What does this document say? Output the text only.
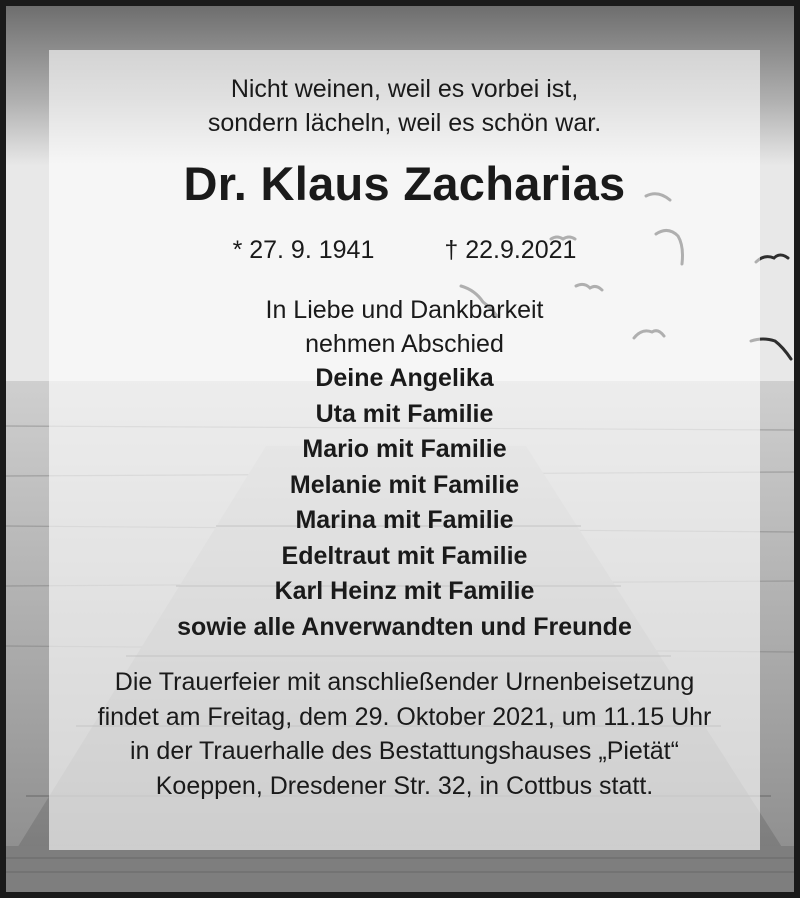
Nicht weinen, weil es vorbei ist,
sondern lächeln, weil es schön war.
Dr. Klaus Zacharias
* 27. 9. 1941	† 22.9.2021
In Liebe und Dankbarkeit
nehmen Abschied
Deine Angelika
Uta mit Familie
Mario mit Familie
Melanie mit Familie
Marina mit Familie
Edeltraut mit Familie
Karl Heinz mit Familie
sowie alle Anverwandten und Freunde
Die Trauerfeier mit anschließender Urnenbeisetzung
findet am Freitag, dem 29. Oktober 2021, um 11.15 Uhr
in der Trauerhalle des Bestattungshauses „Pietät“
Koeppen, Dresdener Str. 32, in Cottbus statt.
